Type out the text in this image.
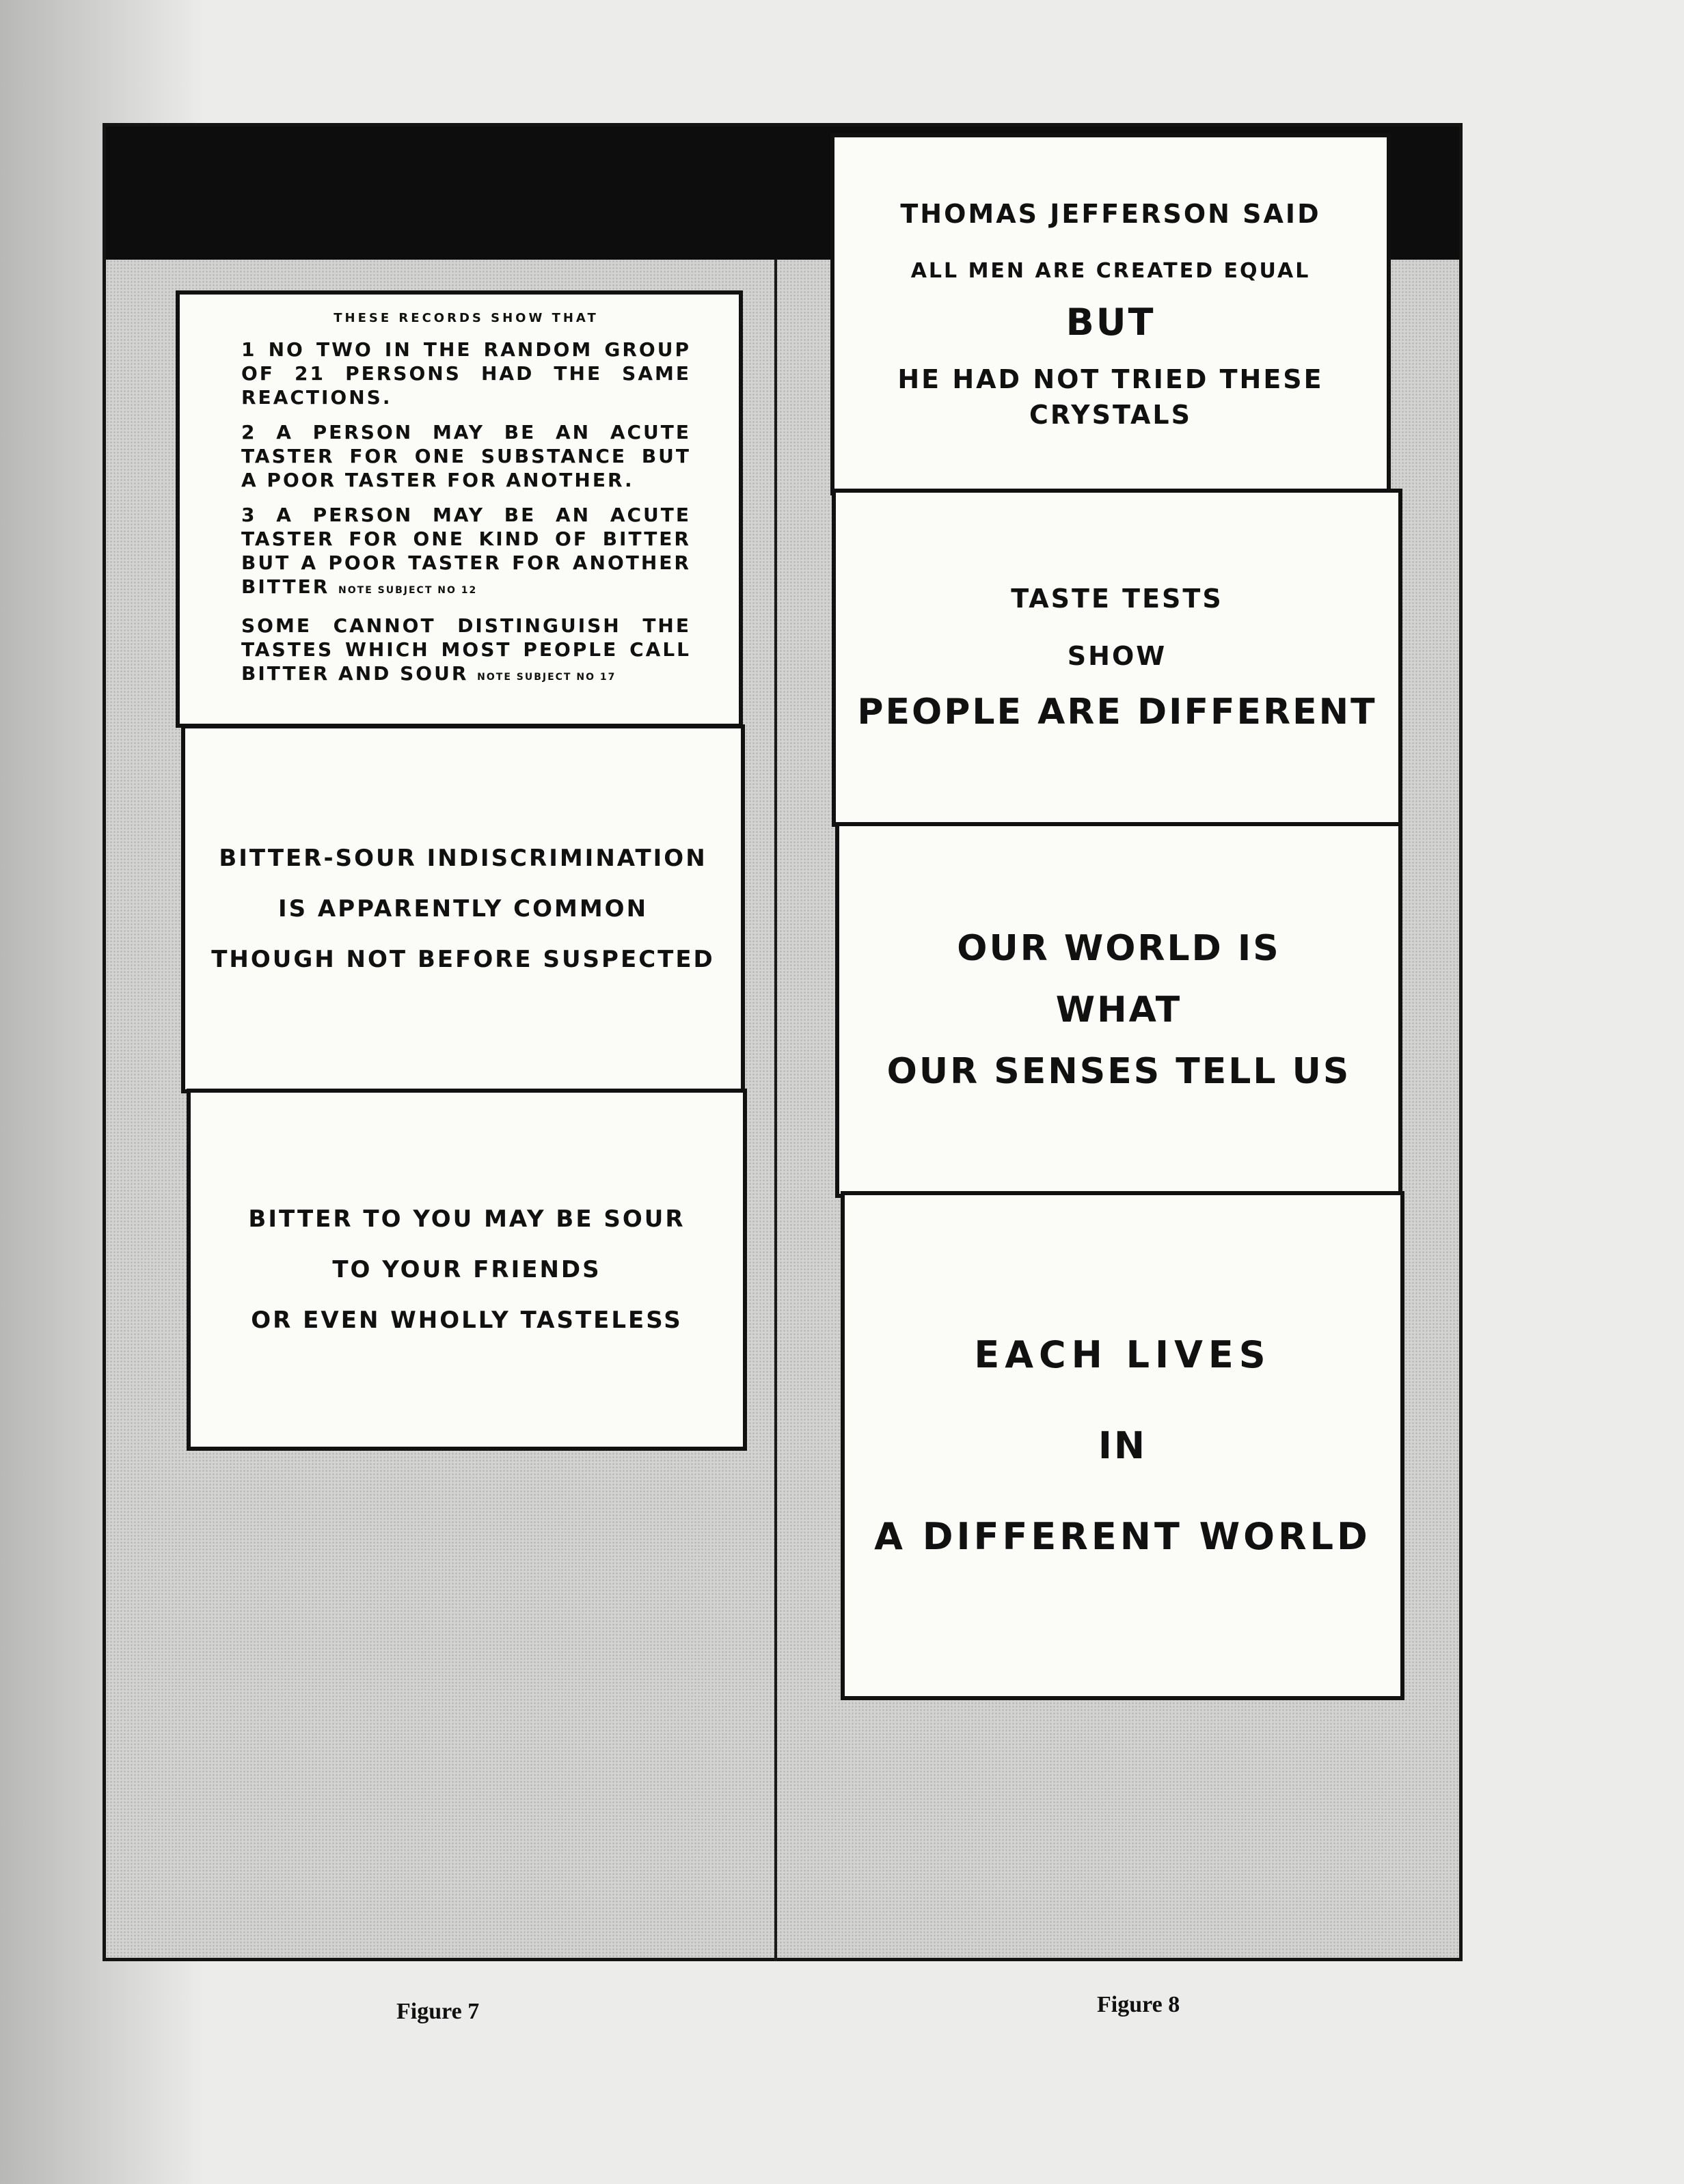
THESE RECORDS SHOW THAT
1 NO TWO IN THE RANDOM GROUP OF 21 PERSONS HAD THE SAME REACTIONS.
2 A PERSON MAY BE AN ACUTE TASTER FOR ONE SUBSTANCE BUT A POOR TASTER FOR ANOTHER.
3 A PERSON MAY BE AN ACUTE TASTER FOR ONE KIND OF BITTER BUT A POOR TASTER FOR ANOTHER BITTER NOTE SUBJECT NO 12
SOME CANNOT DISTINGUISH THE TASTES WHICH MOST PEOPLE CALL BITTER AND SOUR NOTE SUBJECT NO 17
BITTER-SOUR INDISCRIMINATION
IS APPARENTLY COMMON
THOUGH NOT BEFORE SUSPECTED
BITTER TO YOU MAY BE SOUR
TO YOUR FRIENDS
OR EVEN WHOLLY TASTELESS
THOMAS JEFFERSON SAID
ALL MEN ARE CREATED EQUAL
BUT
HE HAD NOT TRIED THESE
CRYSTALS
TASTE TESTS
SHOW
PEOPLE ARE DIFFERENT
OUR WORLD IS
WHAT
OUR SENSES TELL US
EACH LIVES
IN
A DIFFERENT WORLD
Figure 7	Figure 8
